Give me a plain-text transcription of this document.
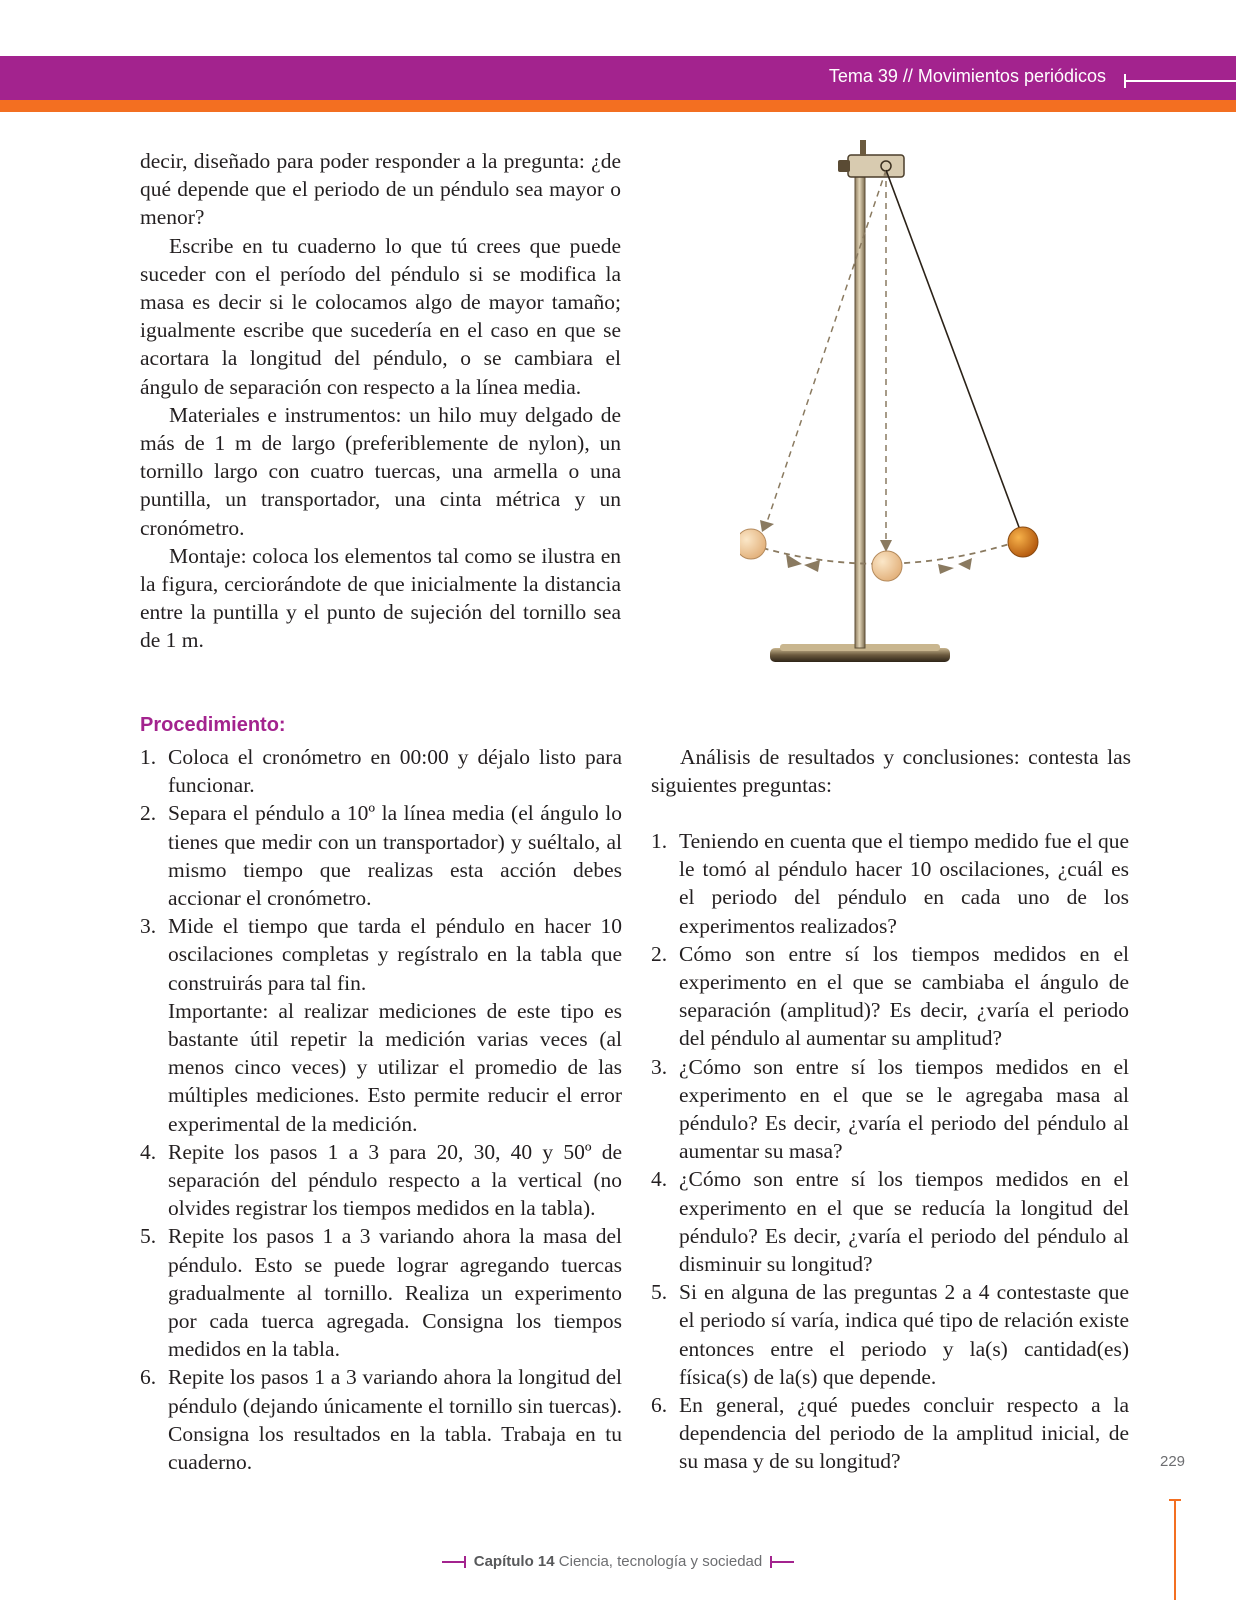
Tema 39 // Movimientos periódicos

decir, diseñado para poder responder a la pregunta: ¿de qué depende que el periodo de un péndulo sea mayor o menor?

Escribe en tu cuaderno lo que tú crees que puede suceder con el período del péndulo si se modifica la masa es decir si le colocamos algo de mayor tamaño; igualmente escribe que sucedería en el caso en que se acortara la longitud del péndulo, o se cambiara el ángulo de separación con respecto a la línea media.

Materiales e instrumentos: un hilo muy delgado de más de 1 m de largo (preferiblemente de nylon), un tornillo largo con cuatro tuercas, una armella o una puntilla, un transportador, una cinta métrica y un cronómetro.

Montaje: coloca los elementos tal como se ilustra en la figura, cerciorándote de que inicialmente la distancia entre la puntilla y el punto de sujeción del tornillo sea de 1 m.

Procedimiento:
1. Coloca el cronómetro en 00:00 y déjalo listo para funcionar.
2. Separa el péndulo a 10º la línea media (el ángulo lo tienes que medir con un transportador) y suéltalo, al mismo tiempo que realizas esta acción debes accionar el cronómetro.
3. Mide el tiempo que tarda el péndulo en hacer 10 oscilaciones completas y regístralo en la tabla que construirás para tal fin.
Importante: al realizar mediciones de este tipo es bastante útil repetir la medición varias veces (al menos cinco veces) y utilizar el promedio de las múltiples mediciones. Esto permite reducir el error experimental de la medición.
4. Repite los pasos 1 a 3 para 20, 30, 40 y 50º de separación del péndulo respecto a la vertical (no olvides registrar los tiempos medidos en la tabla).
5. Repite los pasos 1 a 3 variando ahora la masa del péndulo. Esto se puede lograr agregando tuercas gradualmente al tornillo. Realiza un experimento por cada tuerca agregada. Consigna los tiempos medidos en la tabla.
6. Repite los pasos 1 a 3 variando ahora la longitud del péndulo (dejando únicamente el tornillo sin tuercas). Consigna los resultados en la tabla. Trabaja en tu cuaderno.

Análisis de resultados y conclusiones: contesta las siguientes preguntas:

1. Teniendo en cuenta que el tiempo medido fue el que le tomó al péndulo hacer 10 oscilaciones, ¿cuál es el periodo del péndulo en cada uno de los experimentos realizados?
2. Cómo son entre sí los tiempos medidos en el experimento en el que se cambiaba el ángulo de separación (amplitud)? Es decir, ¿varía el periodo del péndulo al aumentar su amplitud?
3. ¿Cómo son entre sí los tiempos medidos en el experimento en el que se le agregaba masa al péndulo? Es decir, ¿varía el periodo del péndulo al aumentar su masa?
4. ¿Cómo son entre sí los tiempos medidos en el experimento en el que se reducía la longitud del péndulo? Es decir, ¿varía el periodo del péndulo al disminuir su longitud?
5. Si en alguna de las preguntas 2 a 4 contestaste que el periodo sí varía, indica qué tipo de relación existe entonces entre el periodo y la(s) cantidad(es) física(s) de la(s) que depende.
6. En general, ¿qué puedes concluir respecto a la dependencia del periodo de la amplitud inicial, de su masa y de su longitud?	229
Capítulo 14 Ciencia, tecnología y sociedad
